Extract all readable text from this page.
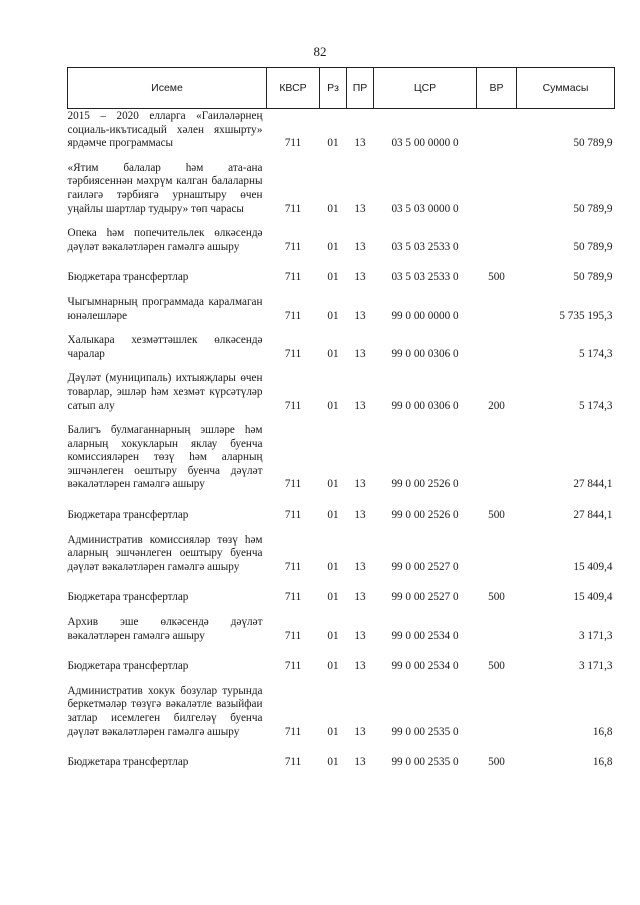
82
Исеме	КВСР	Рз	ПР	ЦСР	ВР	Суммасы
2015 – 2020 елларга «Гаиләләрнең социаль-икътисадый хәлен яхшырту» ярдәмче программасы	711	01	13	03 5 00 0000 0		50 789,9

«Ятим балалар һәм ата-ана тәрбиясеннән мәхрүм калган балаларны гаиләгә тәрбиягә урнаштыру өчен уңайлы шартлар тудыру» төп чарасы	711	01	13	03 5 03 0000 0		50 789,9

Опека һәм попечительлек өлкәсендә дәүләт вәкаләтләрен гамәлгә ашыру	711	01	13	03 5 03 2533 0		50 789,9

Бюджетара трансфертлар	711	01	13	03 5 03 2533 0	500	50 789,9

Чыгымнарның программада каралмаган юнәлешләре	711	01	13	99 0 00 0000 0		5 735 195,3

Халыкара хезмәттәшлек өлкәсендә чаралар	711	01	13	99 0 00 0306 0		5 174,3

Дәүләт (муниципаль) ихтыяҗлары өчен товарлар, эшләр һәм хезмәт күрсәтүләр сатып алу	711	01	13	99 0 00 0306 0	200	5 174,3

Балигъ булмаганнарның эшләре һәм аларның хокукларын яклау буенча комиссияләрен төзү һәм аларның эшчәнлеген оештыру буенча дәүләт вәкаләтләрен гамәлгә ашыру	711	01	13	99 0 00 2526 0		27 844,1

Бюджетара трансфертлар	711	01	13	99 0 00 2526 0	500	27 844,1

Административ комиссияләр төзү һәм аларның эшчәнлеген оештыру буенча дәүләт вәкаләтләрен гамәлгә ашыру	711	01	13	99 0 00 2527 0		15 409,4

Бюджетара трансфертлар	711	01	13	99 0 00 2527 0	500	15 409,4

Архив эше өлкәсендә дәүләт вәкаләтләрен гамәлгә ашыру	711	01	13	99 0 00 2534 0		3 171,3

Бюджетара трансфертлар	711	01	13	99 0 00 2534 0	500	3 171,3

Административ хокук бозулар турында беркетмәләр төзүгә вәкаләтле вазыйфаи затлар исемлеген билгеләү буенча дәүләт вәкаләтләрен гамәлгә ашыру	711	01	13	99 0 00 2535 0		16,8

Бюджетара трансфертлар	711	01	13	99 0 00 2535 0	500	16,8
